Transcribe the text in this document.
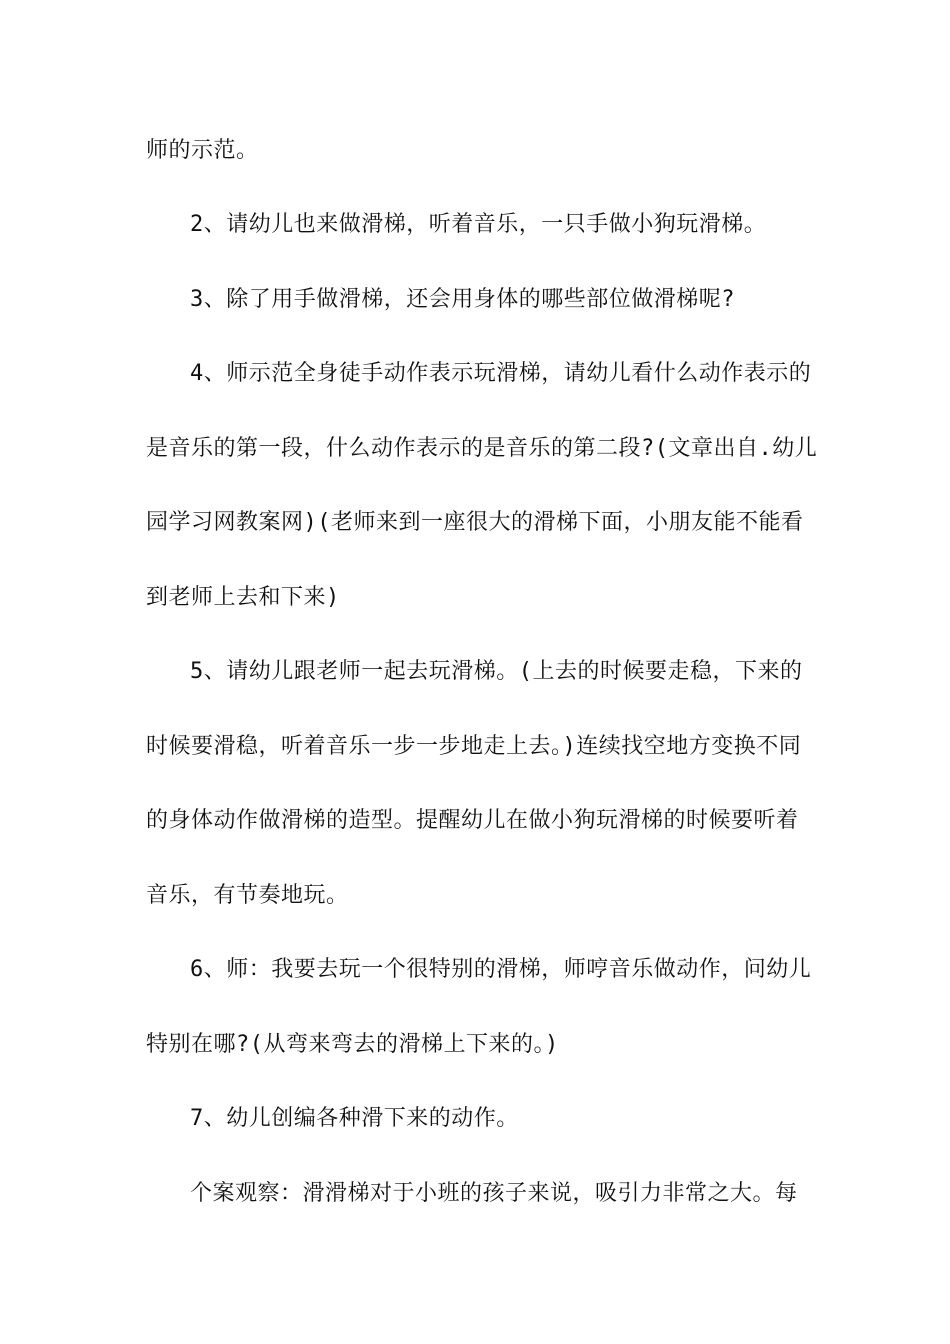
师的示范。
2、请幼儿也来做滑梯，听着音乐，一只手做小狗玩滑梯。
3、除了用手做滑梯，还会用身体的哪些部位做滑梯呢?
4、师示范全身徒手动作表示玩滑梯，请幼儿看什么动作表示的
是音乐的第一段，什么动作表示的是音乐的第二段?(文章出自.幼儿
园学习网教案网)(老师来到一座很大的滑梯下面，小朋友能不能看
到老师上去和下来)
5、请幼儿跟老师一起去玩滑梯。(上去的时候要走稳，下来的
时候要滑稳，听着音乐一步一步地走上去。)连续找空地方变换不同
的身体动作做滑梯的造型。提醒幼儿在做小狗玩滑梯的时候要听着
音乐，有节奏地玩。
6、师：我要去玩一个很特别的滑梯，师哼音乐做动作，问幼儿
特别在哪?(从弯来弯去的滑梯上下来的。)
7、幼儿创编各种滑下来的动作。
个案观察：滑滑梯对于小班的孩子来说，吸引力非常之大。每
